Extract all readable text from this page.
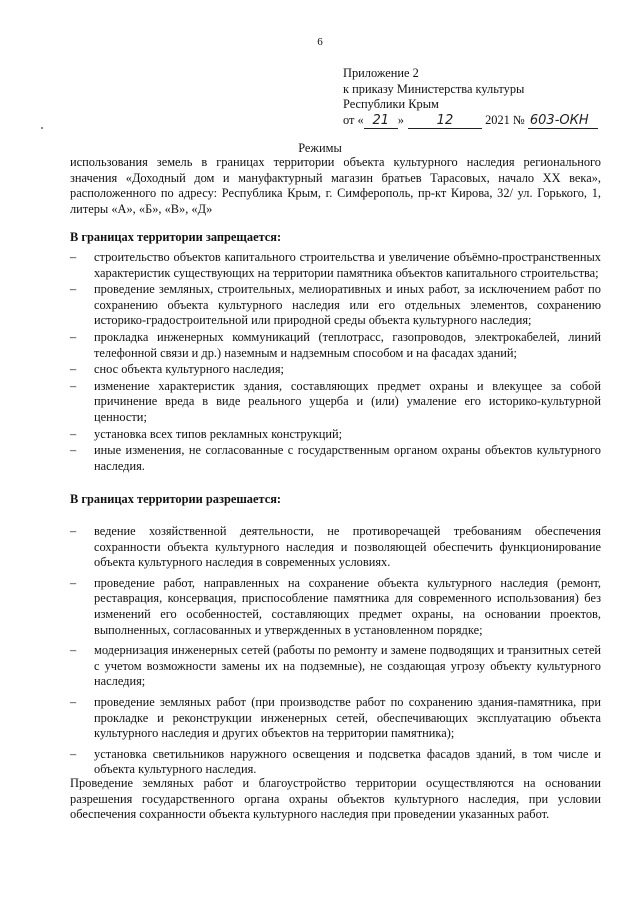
6
Приложение 2
к приказу Министерства культуры
Республики Крым
от « 21 »	12	2021 № 603-ОКН
Режимы
использования земель в границах территории объекта культурного наследия регионального значения «Доходный дом и мануфактурный магазин братьев Тарасовых, начало XX века», расположенного по адресу: Республика Крым, г. Симферополь, пр-кт Кирова, 32/ ул. Горького, 1, литеры «А», «Б», «В», «Д»
В границах территории запрещается:
– строительство объектов капитального строительства и увеличение объёмно-пространственных характеристик существующих на территории памятника объектов капитального строительства;
– проведение земляных, строительных, мелиоративных и иных работ, за исключением работ по сохранению объекта культурного наследия или его отдельных элементов, сохранению историко-градостроительной или природной среды объекта культурного наследия;
– прокладка инженерных коммуникаций (теплотрасс, газопроводов, электрокабелей, линий телефонной связи и др.) наземным и надземным способом и на фасадах зданий;
– снос объекта культурного наследия;
– изменение характеристик здания, составляющих предмет охраны и влекущее за собой причинение вреда в виде реального ущерба и (или) умаление его историко-культурной ценности;
– установка всех типов рекламных конструкций;
– иные изменения, не согласованные с государственным органом охраны объектов культурного наследия.
В границах территории разрешается:
– ведение хозяйственной деятельности, не противоречащей требованиям обеспечения сохранности объекта культурного наследия и позволяющей обеспечить функционирование объекта культурного наследия в современных условиях.
– проведение работ, направленных на сохранение объекта культурного наследия (ремонт, реставрация, консервация, приспособление памятника для современного использования) без изменений его особенностей, составляющих предмет охраны, на основании проектов, выполненных, согласованных и утвержденных в установленном порядке;
– модернизация инженерных сетей (работы по ремонту и замене подводящих и транзитных сетей с учетом возможности замены их на подземные), не создающая угрозу объекту культурного наследия;
– проведение земляных работ (при производстве работ по сохранению здания-памятника, при прокладке и реконструкции инженерных сетей, обеспечивающих эксплуатацию объекта культурного наследия и других объектов на территории памятника);
– установка светильников наружного освещения и подсветка фасадов зданий, в том числе и объекта культурного наследия.
Проведение земляных работ и благоустройство территории осуществляются на основании разрешения государственного органа охраны объектов культурного наследия, при условии обеспечения сохранности объекта культурного наследия при проведении указанных работ.
